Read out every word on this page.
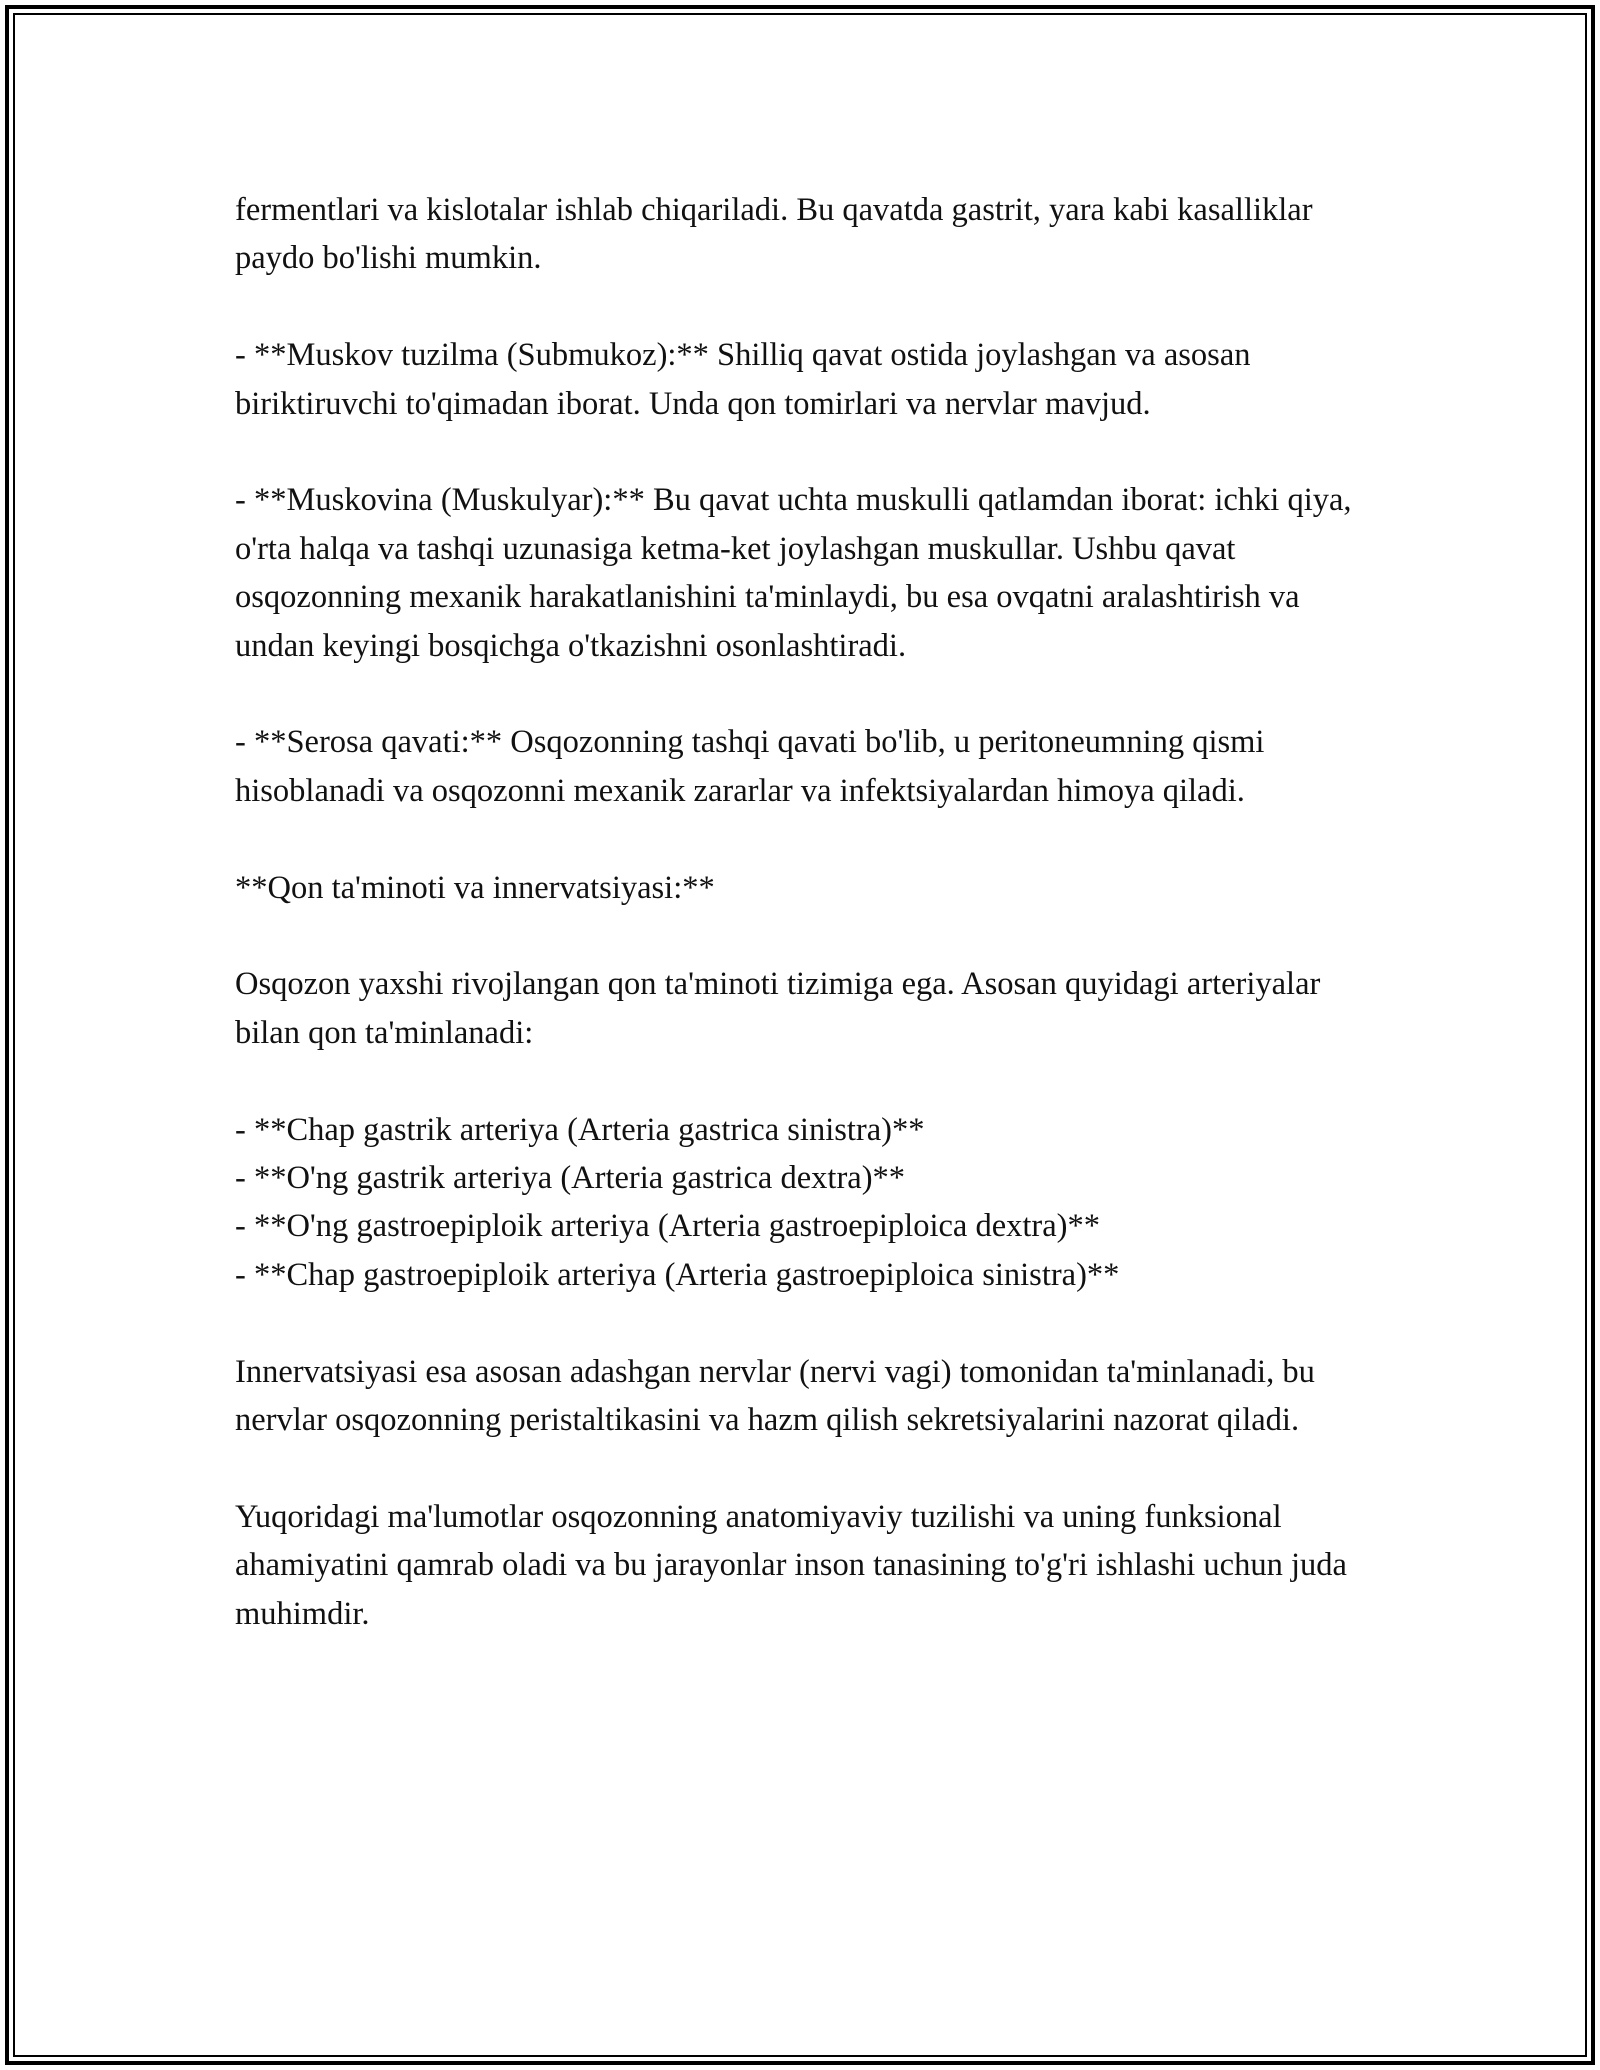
fermentlari va kislotalar ishlab chiqariladi. Bu qavatda gastrit, yara kabi kasalliklar paydo bo'lishi mumkin.

- **Muskov tuzilma (Submukoz):** Shilliq qavat ostida joylashgan va asosan biriktiruvchi to'qimadan iborat. Unda qon tomirlari va nervlar mavjud.

- **Muskovina (Muskulyar):** Bu qavat uchta muskulli qatlamdan iborat: ichki qiya, o'rta halqa va tashqi uzunasiga ketma-ket joylashgan muskullar. Ushbu qavat osqozonning mexanik harakatlanishini ta'minlaydi, bu esa ovqatni aralashtirish va undan keyingi bosqichga o'tkazishni osonlashtiradi.

- **Serosa qavati:** Osqozonning tashqi qavati bo'lib, u peritoneumning qismi hisoblanadi va osqozonni mexanik zararlar va infektsiyalardan himoya qiladi.

**Qon ta'minoti va innervatsiyasi:**

Osqozon yaxshi rivojlangan qon ta'minoti tizimiga ega. Asosan quyidagi arteriyalar bilan qon ta'minlanadi:

- **Chap gastrik arteriya (Arteria gastrica sinistra)**
- **O'ng gastrik arteriya (Arteria gastrica dextra)**
- **O'ng gastroepiploik arteriya (Arteria gastroepiploica dextra)**
- **Chap gastroepiploik arteriya (Arteria gastroepiploica sinistra)**

Innervatsiyasi esa asosan adashgan nervlar (nervi vagi) tomonidan ta'minlanadi, bu nervlar osqozonning peristaltikasini va hazm qilish sekretsiyalarini nazorat qiladi.

Yuqoridagi ma'lumotlar osqozonning anatomiyaviy tuzilishi va uning funksional ahamiyatini qamrab oladi va bu jarayonlar inson tanasining to'g'ri ishlashi uchun juda muhimdir.
